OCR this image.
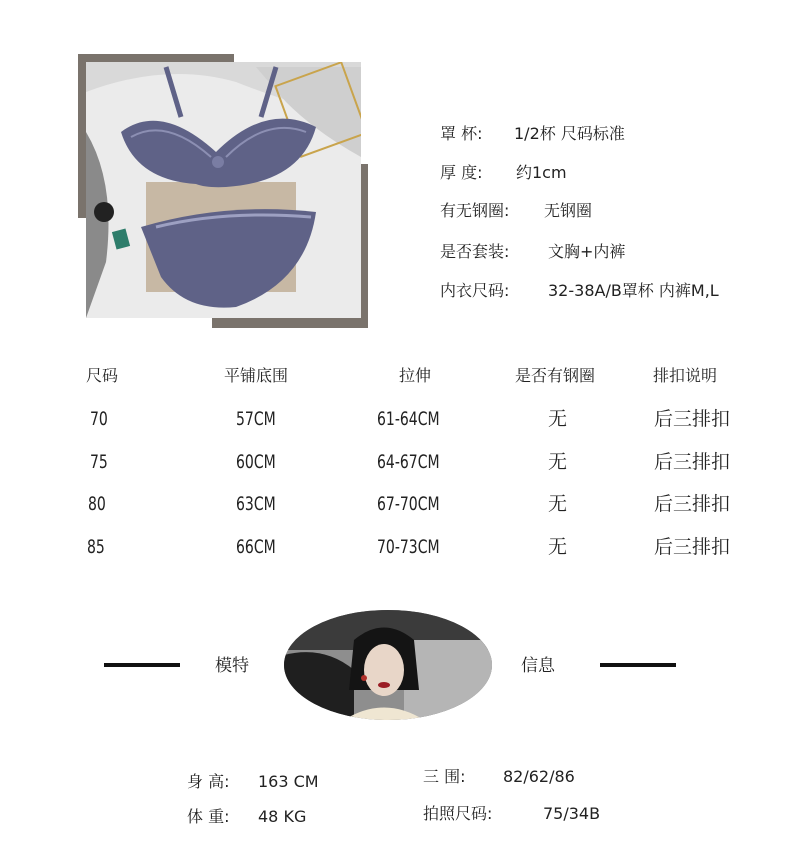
罩 杯: 1/2杯 尺码标准
厚 度: 约1cm
有无钢圈: 无钢圈
是否套装: 文胸+内裤
内衣尺码: 32-38A/B罩杯 内裤M,L
尺码	平铺底围	拉伸	是否有钢圈	排扣说明
70	57CM	61-64CM	无	后三排扣
75	60CM	64-67CM	无	后三排扣
80	63CM	67-70CM	无	后三排扣
85	66CM	70-73CM	无	后三排扣
模特	信息
身 高: 163 CM
体 重: 48 KG
三 围: 82/62/86
拍照尺码:	75/34B
